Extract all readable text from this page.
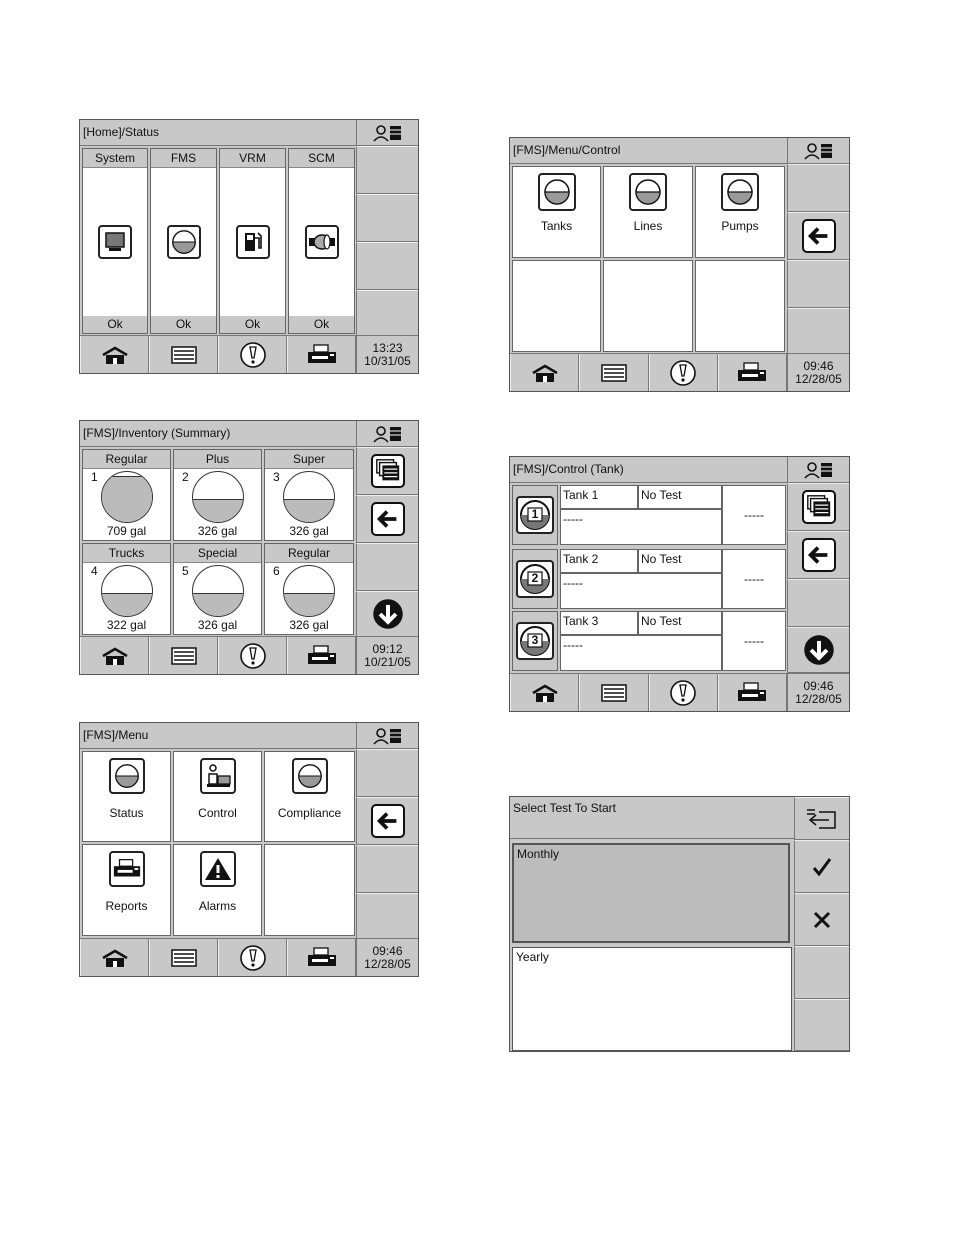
[Home]/Status
System
Ok
FMS
Ok
VRM
Ok
SCM
Ok
13:23
10/31/05
[FMS]/Inventory (Summary)
Regular
1
709 gal
Plus
2
326 gal
Super
3
326 gal
Trucks
4
322 gal
Special
5
326 gal
Regular
6
326 gal
09:12
10/21/05
[FMS]/Menu
Status	Control	Compliance
Reports	Alarms
09:46
12/28/05
[FMS]/Menu/Control
Tanks	Lines	Pumps
09:46
12/28/05
[FMS]/Control (Tank)
1
Tank 1	No Test
-----	-----
2
Tank 2	No Test
-----	-----
3
Tank 3	No Test
-----	-----
09:46
12/28/05
Select Test To Start
Monthly
Yearly
